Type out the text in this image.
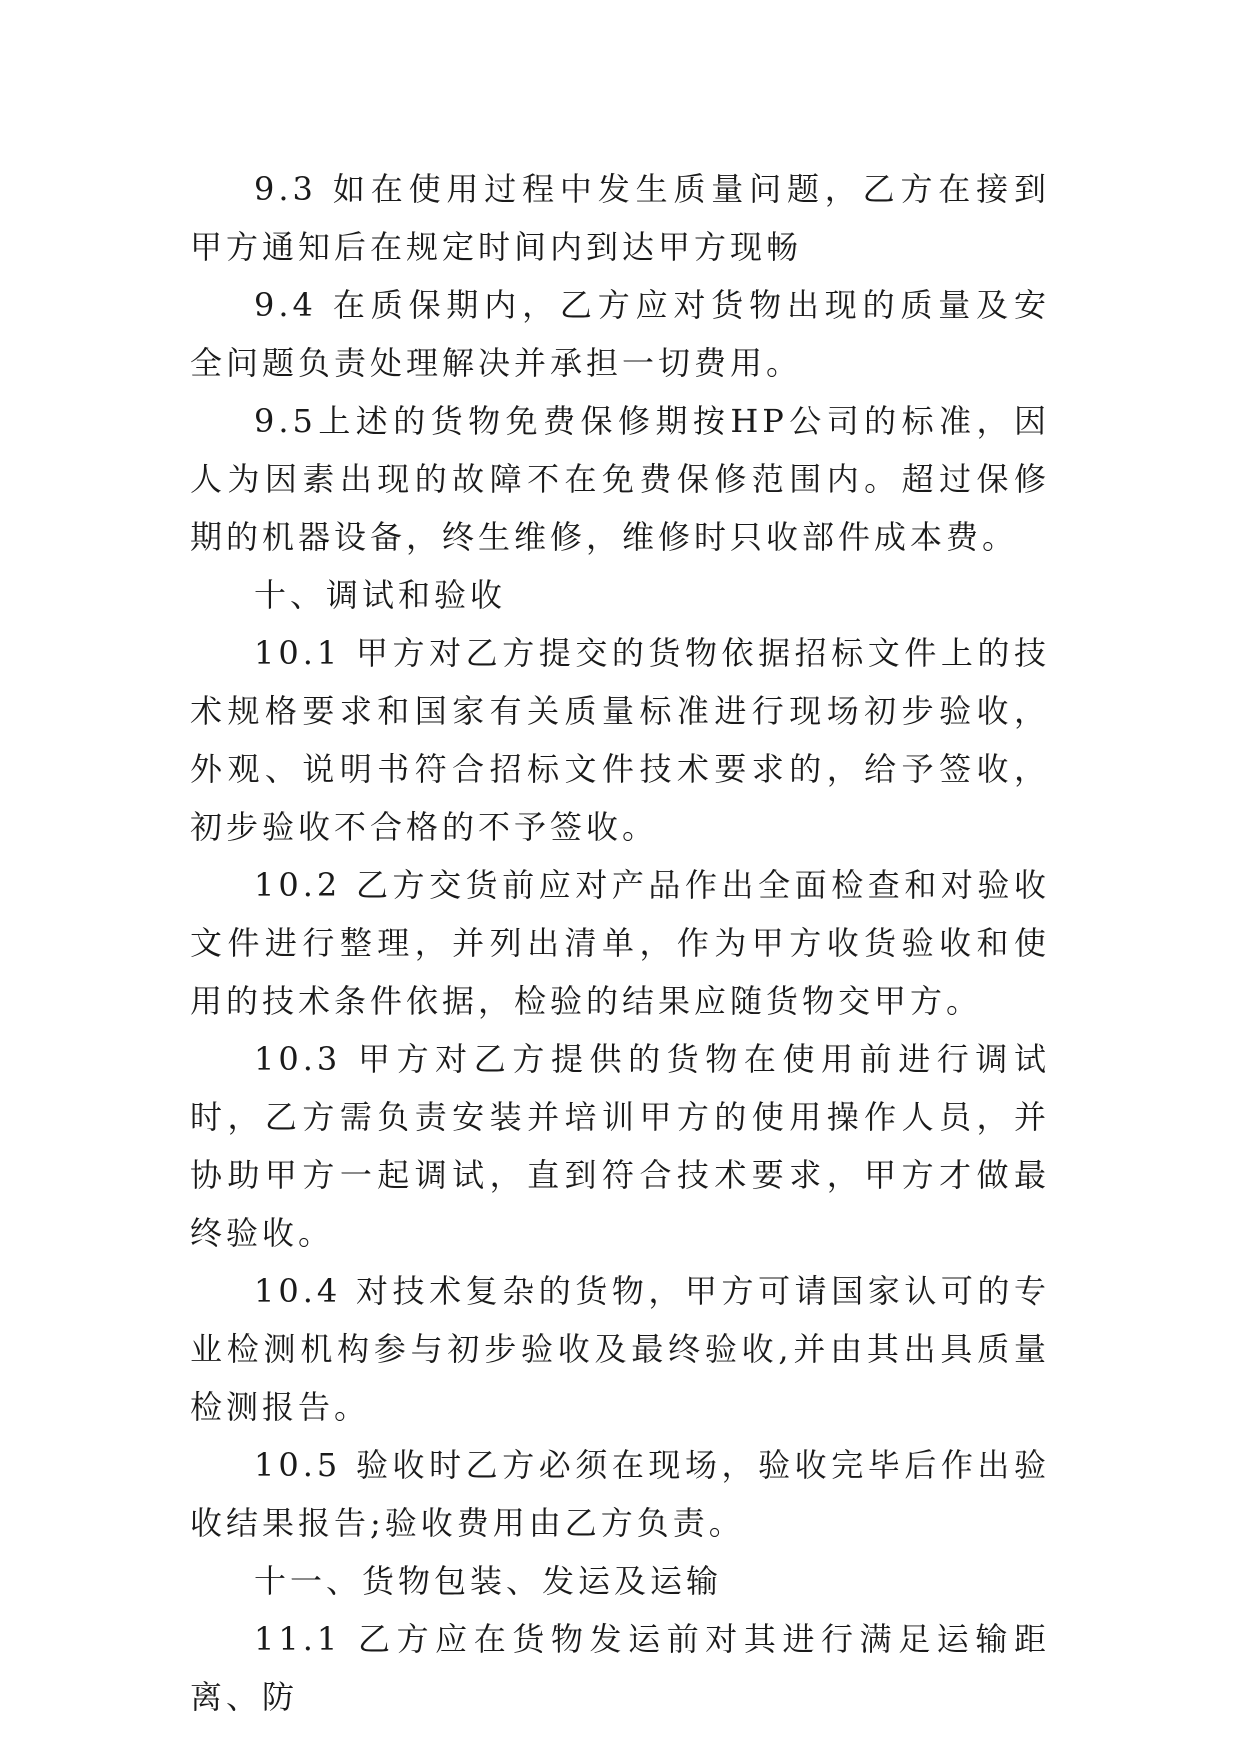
9.3 如在使用过程中发生质量问题，乙方在接到甲方通知后在规定时间内到达甲方现畅

9.4 在质保期内，乙方应对货物出现的质量及安全问题负责处理解决并承担一切费用。

9.5上述的货物免费保修期按HP公司的标准，因人为因素出现的故障不在免费保修范围内。超过保修期的机器设备，终生维修，维修时只收部件成本费。

十、调试和验收

10.1 甲方对乙方提交的货物依据招标文件上的技术规格要求和国家有关质量标准进行现场初步验收，外观、说明书符合招标文件技术要求的，给予签收，初步验收不合格的不予签收。

10.2 乙方交货前应对产品作出全面检查和对验收文件进行整理，并列出清单，作为甲方收货验收和使用的技术条件依据，检验的结果应随货物交甲方。

10.3 甲方对乙方提供的货物在使用前进行调试时，乙方需负责安装并培训甲方的使用操作人员，并协助甲方一起调试，直到符合技术要求，甲方才做最终验收。

10.4 对技术复杂的货物，甲方可请国家认可的专业检测机构参与初步验收及最终验收,并由其出具质量检测报告。

10.5 验收时乙方必须在现场，验收完毕后作出验收结果报告;验收费用由乙方负责。

十一、货物包装、发运及运输

11.1 乙方应在货物发运前对其进行满足运输距离、防
